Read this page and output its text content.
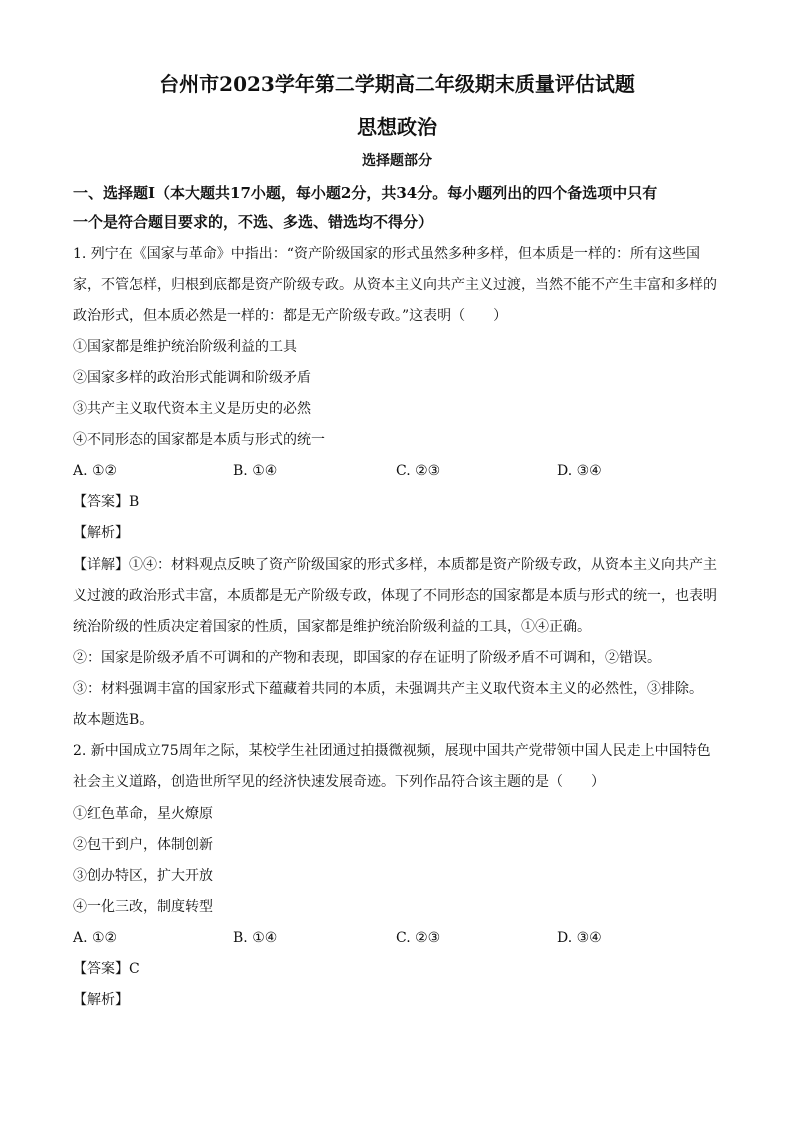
台州市2023学年第二学期高二年级期末质量评估试题
思想政治
选择题部分
一、选择题Ⅰ（本大题共17小题，每小题2分，共34分。每小题列出的四个备选项中只有
一个是符合题目要求的，不选、多选、错选均不得分）
1. 列宁在《国家与革命》中指出：“资产阶级国家的形式虽然多种多样，但本质是一样的：所有这些国
家，不管怎样，归根到底都是资产阶级专政。从资本主义向共产主义过渡，当然不能不产生丰富和多样的
政治形式，但本质必然是一样的：都是无产阶级专政。”这表明（　　）
①国家都是维护统治阶级利益的工具
②国家多样的政治形式能调和阶级矛盾
③共产主义取代资本主义是历史的必然
④不同形态的国家都是本质与形式的统一
A. ①②	B. ①④	C. ②③	D. ③④
【答案】B
【解析】
【详解】①④：材料观点反映了资产阶级国家的形式多样，本质都是资产阶级专政，从资本主义向共产主
义过渡的政治形式丰富，本质都是无产阶级专政，体现了不同形态的国家都是本质与形式的统一，也表明
统治阶级的性质决定着国家的性质，国家都是维护统治阶级利益的工具，①④正确。
②：国家是阶级矛盾不可调和的产物和表现，即国家的存在证明了阶级矛盾不可调和，②错误。
③：材料强调丰富的国家形式下蕴藏着共同的本质，未强调共产主义取代资本主义的必然性，③排除。
故本题选B。
2. 新中国成立75周年之际，某校学生社团通过拍摄微视频，展现中国共产党带领中国人民走上中国特色
社会主义道路，创造世所罕见的经济快速发展奇迹。下列作品符合该主题的是（　　）
①红色革命，星火燎原
②包干到户，体制创新
③创办特区，扩大开放
④一化三改，制度转型
A. ①②	B. ①④	C. ②③	D. ③④
【答案】C
【解析】
